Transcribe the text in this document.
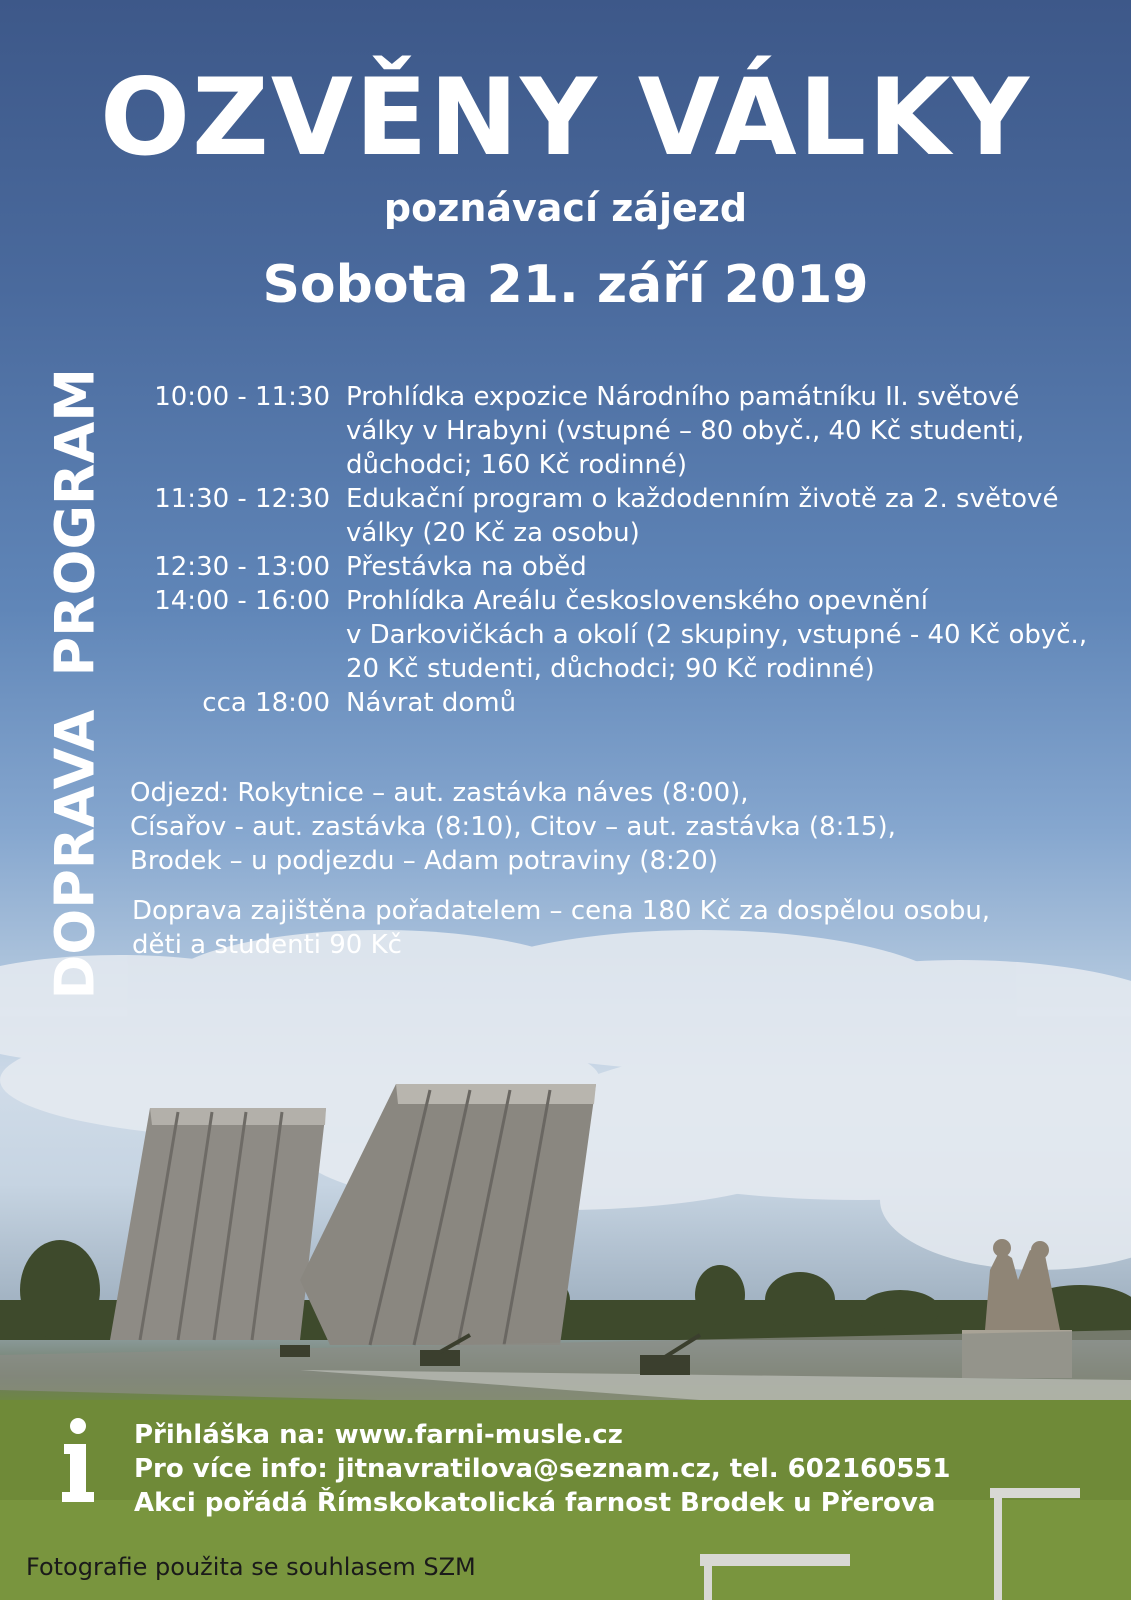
OZVĚNY VÁLKY
poznávací zájezd
Sobota 21. září 2019
PROGRAM	10:00 - 11:30 Prohlídka expozice Národního památníku II. světové
války v Hrabyni (vstupné – 80 obyč., 40 Kč studenti,
důchodci; 160 Kč rodinné)
11:30 - 12:30 Edukační program o každodenním životě za 2. světové
války (20 Kč za osobu)
12:30 - 13:00 Přestávka na oběd
14:00 - 16:00 Prohlídka Areálu československého opevnění
v Darkovičkách a okolí (2 skupiny, vstupné - 40 Kč obyč.,
20 Kč studenti, důchodci; 90 Kč rodinné)
cca 18:00 Návrat domů
DOPRAVA Odjezd: Rokytnice – aut. zastávka náves (8:00),
Císařov - aut. zastávka (8:10), Citov – aut. zastávka (8:15),
Brodek – u podjezdu – Adam potraviny (8:20)
Doprava zajištěna pořadatelem – cena 180 Kč za dospělou osobu,
děti a studenti 90 Kč
Přihláška na: www.farni-musle.cz
Pro více info: jitnavratilova@seznam.cz, tel. 602160551
Akci pořádá Římskokatolická farnost Brodek u Přerova
Fotografie použita se souhlasem SZM
